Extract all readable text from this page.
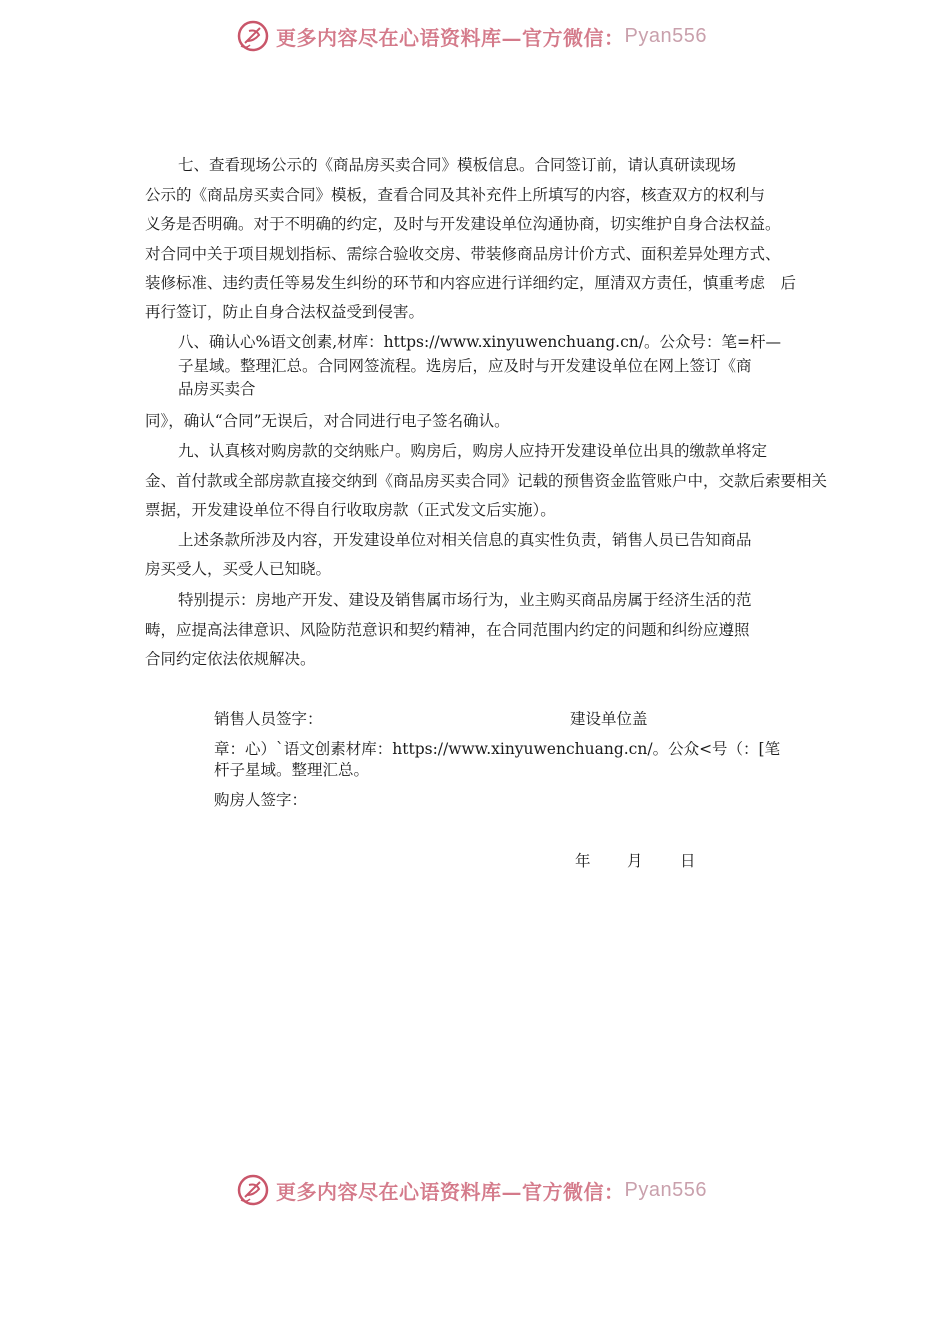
更多内容尽在心语资料库—官方微信： Pyan556
七、查看现场公示的《商品房买卖合同》模板信息。合同签订前，请认真研读现场
公示的《商品房买卖合同》模板，查看合同及其补充件上所填写的内容，核查双方的权利与
义务是否明确。对于不明确的约定，及时与开发建设单位沟通协商，切实维护自身合法权益。
对合同中关于项目规划指标、需综合验收交房、带装修商品房计价方式、面积差异处理方式、
装修标准、违约责任等易发生纠纷的环节和内容应进行详细约定，厘清双方责任，慎重考虑　后
再行签订，防止自身合法权益受到侵害。
八、确认心%语文创素,材库：https://www.xinyuwenchuang.cn/。公众号：笔=杆—
子星域。整理汇总。合同网签流程。选房后，应及时与开发建设单位在网上签订《商
品房买卖合
同》，确认“合同”无误后，对合同进行电子签名确认。
九、认真核对购房款的交纳账户。购房后，购房人应持开发建设单位出具的缴款单将定
金、首付款或全部房款直接交纳到《商品房买卖合同》记载的预售资金监管账户中，交款后索要相关
票据，开发建设单位不得自行收取房款（正式发文后实施）。
上述条款所涉及内容，开发建设单位对相关信息的真实性负责，销售人员已告知商品
房买受人，买受人已知晓。
特别提示：房地产开发、建设及销售属市场行为，业主购买商品房属于经济生活的范
畴，应提高法律意识、风险防范意识和契约精神，在合同范围内约定的问题和纠纷应遵照
合同约定依法依规解决。
销售人员签字：	建设单位盖
章：心）`语文创素材库：https://www.xinyuwenchuang.cn/。公众<号（：[笔
杆子星域。整理汇总。
购房人签字：
年 月 日
更多内容尽在心语资料库—官方微信： Pyan556
